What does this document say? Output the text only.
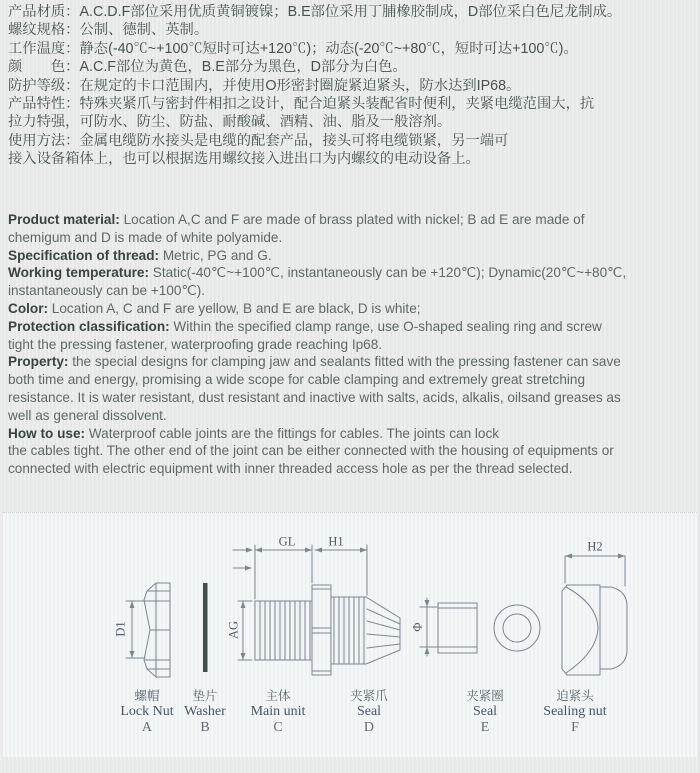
产品材质：A.C.D.F部位采用优质黄铜镀镍；B.E部位采用丁脯橡胶制成，D部位采白色尼龙制成。
螺纹规格：公制、德制、英制。
工作温度：静态(-40℃~+100℃短时可达+120℃)；动态(-20℃~+80℃，短时可达+100℃)。
颜　　色：A.C.F部位为黄色，B.E部分为黑色，D部分为白色。
防护等级：在规定的卡口范围内，并使用O形密封圈旋紧迫紧头，防水达到IP68。
产品特性：特殊夹紧爪与密封件相扣之设计，配合迫紧头装配省时便利，夹紧电缆范围大，抗
拉力特强，可防水、防尘、防盐、耐酸碱、酒精、油、脂及一般溶剂。
使用方法：金属电缆防水接头是电缆的配套产品，接头可将电缆锁紧，另一端可
接入设备箱体上，也可以根据选用螺纹接入进出口为内螺纹的电动设备上。
Product material: Location A,C and F are made of brass plated with nickel; B ad E are made of
chemigum and D is made of white polyamide.
Specification of thread: Metric, PG and G.
Working temperature: Static(-40℃~+100℃, instantaneously can be +120℃); Dynamic(20℃~+80℃,
instantaneously can be +100℃).
Color: Location A, C and F are yellow, B and E are black, D is white;
Protection classification: Within the specified clamp range, use O-shaped sealing ring and screw
tight the pressing fastener, waterproofing grade reaching Ip68.
Property: the special designs for clamping jaw and sealants fitted with the pressing fastener can save
both time and energy, promising a wide scope for cable clamping and extremely great stretching
resistance. It is water resistant, dust resistant and inactive with salts, acids, alkalis, oilsand greases as
well as general dissolvent.
How to use: Waterproof cable joints are the fittings for cables. The joints can lock
the cables tight. The other end of the joint can be either connected with the housing of equipments or
connected with electric equipment with inner threaded access hole as per the thread selected.
GL	H1	H2
D1	AG	Φ
螺帽
Lock Nut
A
垫片
Washer
B
主体
Main unit
C
夹紧爪
Seal
D
夹紧圈
Seal
E
迫紧头
Sealing nut
F
